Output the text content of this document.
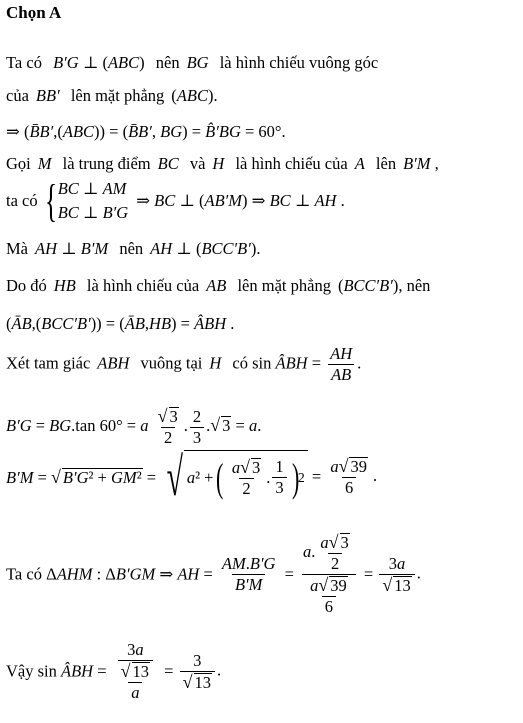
Chọn A
Ta có B′G ⊥ (ABC) nên BG là hình chiếu vuông góc
của BB′ lên mặt phẳng (ABC).
⇒ (B̄B′,(ABC)) = (B̄B′, BG) = B̂′BG = 60°.
Gọi M là trung điểm BC và H là hình chiếu của A lên B′M ,
ta có { BC ⊥ AM
BC ⊥ B′G
⇒ BC ⊥ (AB′M) ⇒ BC ⊥ AH .
Mà AH ⊥ B′M nên AH ⊥ (BCC′B′).
Do đó HB là hình chiếu của AB lên mặt phẳng (BCC′B′), nên
(ĀB,(BCC′B′)) = (ĀB,HB) = ÂBH .
Xét tam giác ABH vuông tại H có sin ÂBH = $\frac{AH}{AB}$ .
B′G = BG.tan 60° = a $\frac{√ 3}{2}$ . $\frac{2}{3}$ .√ 3 = a.
B′M = √ B′G² + GM² = √ a ² + ( $\frac{a√ 3}{2}$ . $\frac{1}{3}$ )
$2 = \frac{a√ 39}{6}$ .
Ta có ΔAHM : ΔB′GM ⇒ AH = $\frac{AM.B'G}{B'M} = \frac{a. \frac{a√ 3}{2}}{\frac{a√ 39}{6}} = \frac{3a}{√ 13}$ .
Vậy sin ÂBH = $\frac{\frac{3a}{√ 13}}{a} = \frac{3}{√ 13}$ .
